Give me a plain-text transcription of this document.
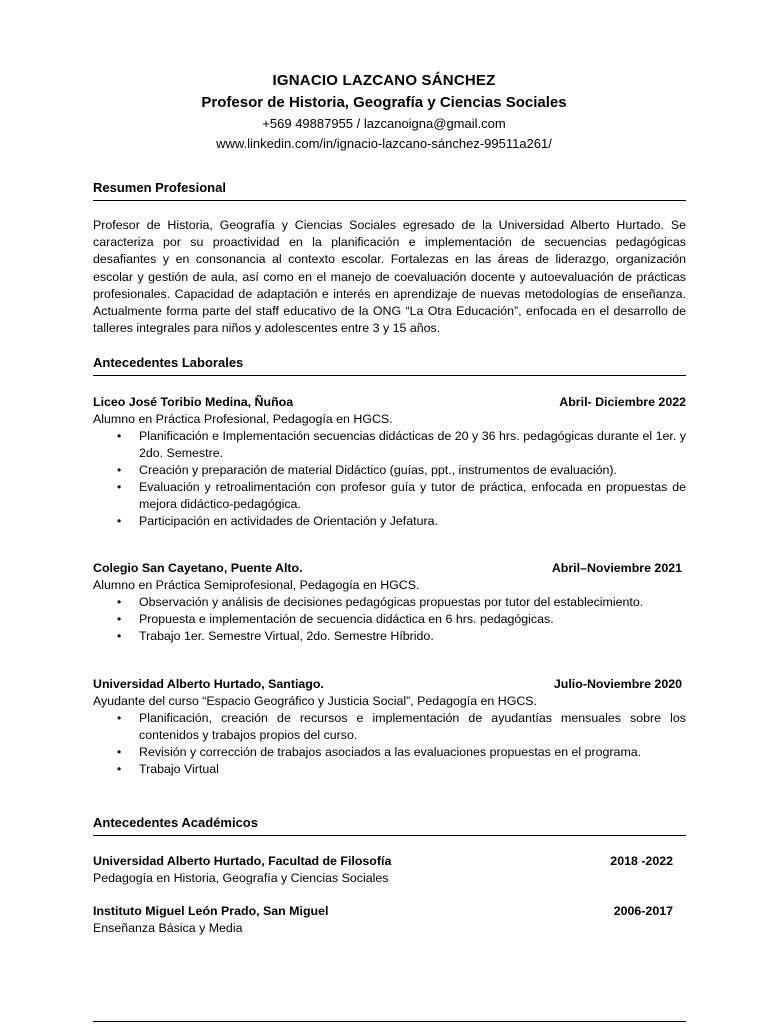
IGNACIO LAZCANO SÁNCHEZ
Profesor de Historia, Geografía y Ciencias Sociales
+569 49887955 / lazcanoigna@gmail.com
www.linkedin.com/in/ignacio-lazcano-sánchez-99511a261/
Resumen Profesional
Profesor de Historia, Geografía y Ciencias Sociales egresado de la Universidad Alberto Hurtado. Se caracteriza por su proactividad en la planificación e implementación de secuencias pedagógicas desafiantes y en consonancia al contexto escolar. Fortalezas en las áreas de liderazgo, organización escolar y gestión de aula, así como en el manejo de coevaluación docente y autoevaluación de prácticas profesionales. Capacidad de adaptación e interés en aprendizaje de nuevas metodologías de enseñanza. Actualmente forma parte del staff educativo de la ONG “La Otra Educación”, enfocada en el desarrollo de talleres integrales para niños y adolescentes entre 3 y 15 años.
Antecedentes Laborales
Liceo José Toribio Medina, Ñuñoa	Abril- Diciembre 2022
Alumno en Práctica Profesional, Pedagogía en HGCS.
• Planificación e Implementación secuencias didácticas de 20 y 36 hrs. pedagógicas durante el 1er. y 2do. Semestre.
• Creación y preparación de material Didáctico (guías, ppt., instrumentos de evaluación).
• Evaluación y retroalimentación con profesor guía y tutor de práctica, enfocada en propuestas de mejora didáctico-pedagógica.
• Participación en actividades de Orientación y Jefatura.
Colegio San Cayetano, Puente Alto.	Abril–Noviembre 2021
Alumno en Práctica Semiprofesional, Pedagogía en HGCS.
• Observación y análisis de decisiones pedagógicas propuestas por tutor del establecimiento.
• Propuesta e implementación de secuencia didáctica en 6 hrs. pedagógicas.
• Trabajo 1er. Semestre Virtual, 2do. Semestre Híbrido.
Universidad Alberto Hurtado, Santiago.	Julio-Noviembre 2020
Ayudante del curso “Espacio Geográfico y Justicia Social”, Pedagogía en HGCS.
• Planificación, creación de recursos e implementación de ayudantías mensuales sobre los contenidos y trabajos propios del curso.
• Revisión y corrección de trabajos asociados a las evaluaciones propuestas en el programa.
• Trabajo Virtual
Antecedentes Académicos
Universidad Alberto Hurtado, Facultad de Filosofía	2018 -2022
Pedagogía en Historia, Geografía y Ciencias Sociales
Instituto Miguel León Prado, San Miguel	2006-2017
Enseñanza Básica y Media
